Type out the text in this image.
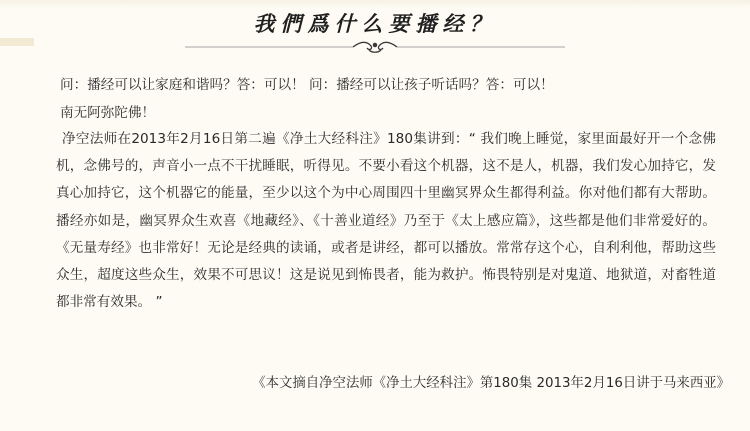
我們爲什么要播经？

问：播经可以让家庭和谐吗？答：可以！ 问：播经可以让孩子听话吗？答：可以！

南无阿弥陀佛！

净空法师在2013年2月16日第二遍《净土大经科注》180集讲到：“ 我们晚上睡觉，家里面最好开一个念佛机，念佛号的，声音小一点不干扰睡眠，听得见。不要小看这个机器，这不是人，机器，我们发心加持它，发真心加持它，这个机器它的能量，至少以这个为中心周围四十里幽冥界众生都得利益。你对他们都有大帮助。播经亦如是，幽冥界众生欢喜《地藏经》、《十善业道经》乃至于《太上感应篇》，这些都是他们非常爱好的。《无量寿经》也非常好！无论是经典的读诵，或者是讲经，都可以播放。常常存这个心，自利利他，帮助这些众生，超度这些众生，效果不可思议！这是说见到怖畏者，能为救护。怖畏特别是对鬼道、地狱道，对畜牲道都非常有效果。 ”

《本文摘自净空法师《净土大经科注》第180集 2013年2月16日讲于马来西亚》
